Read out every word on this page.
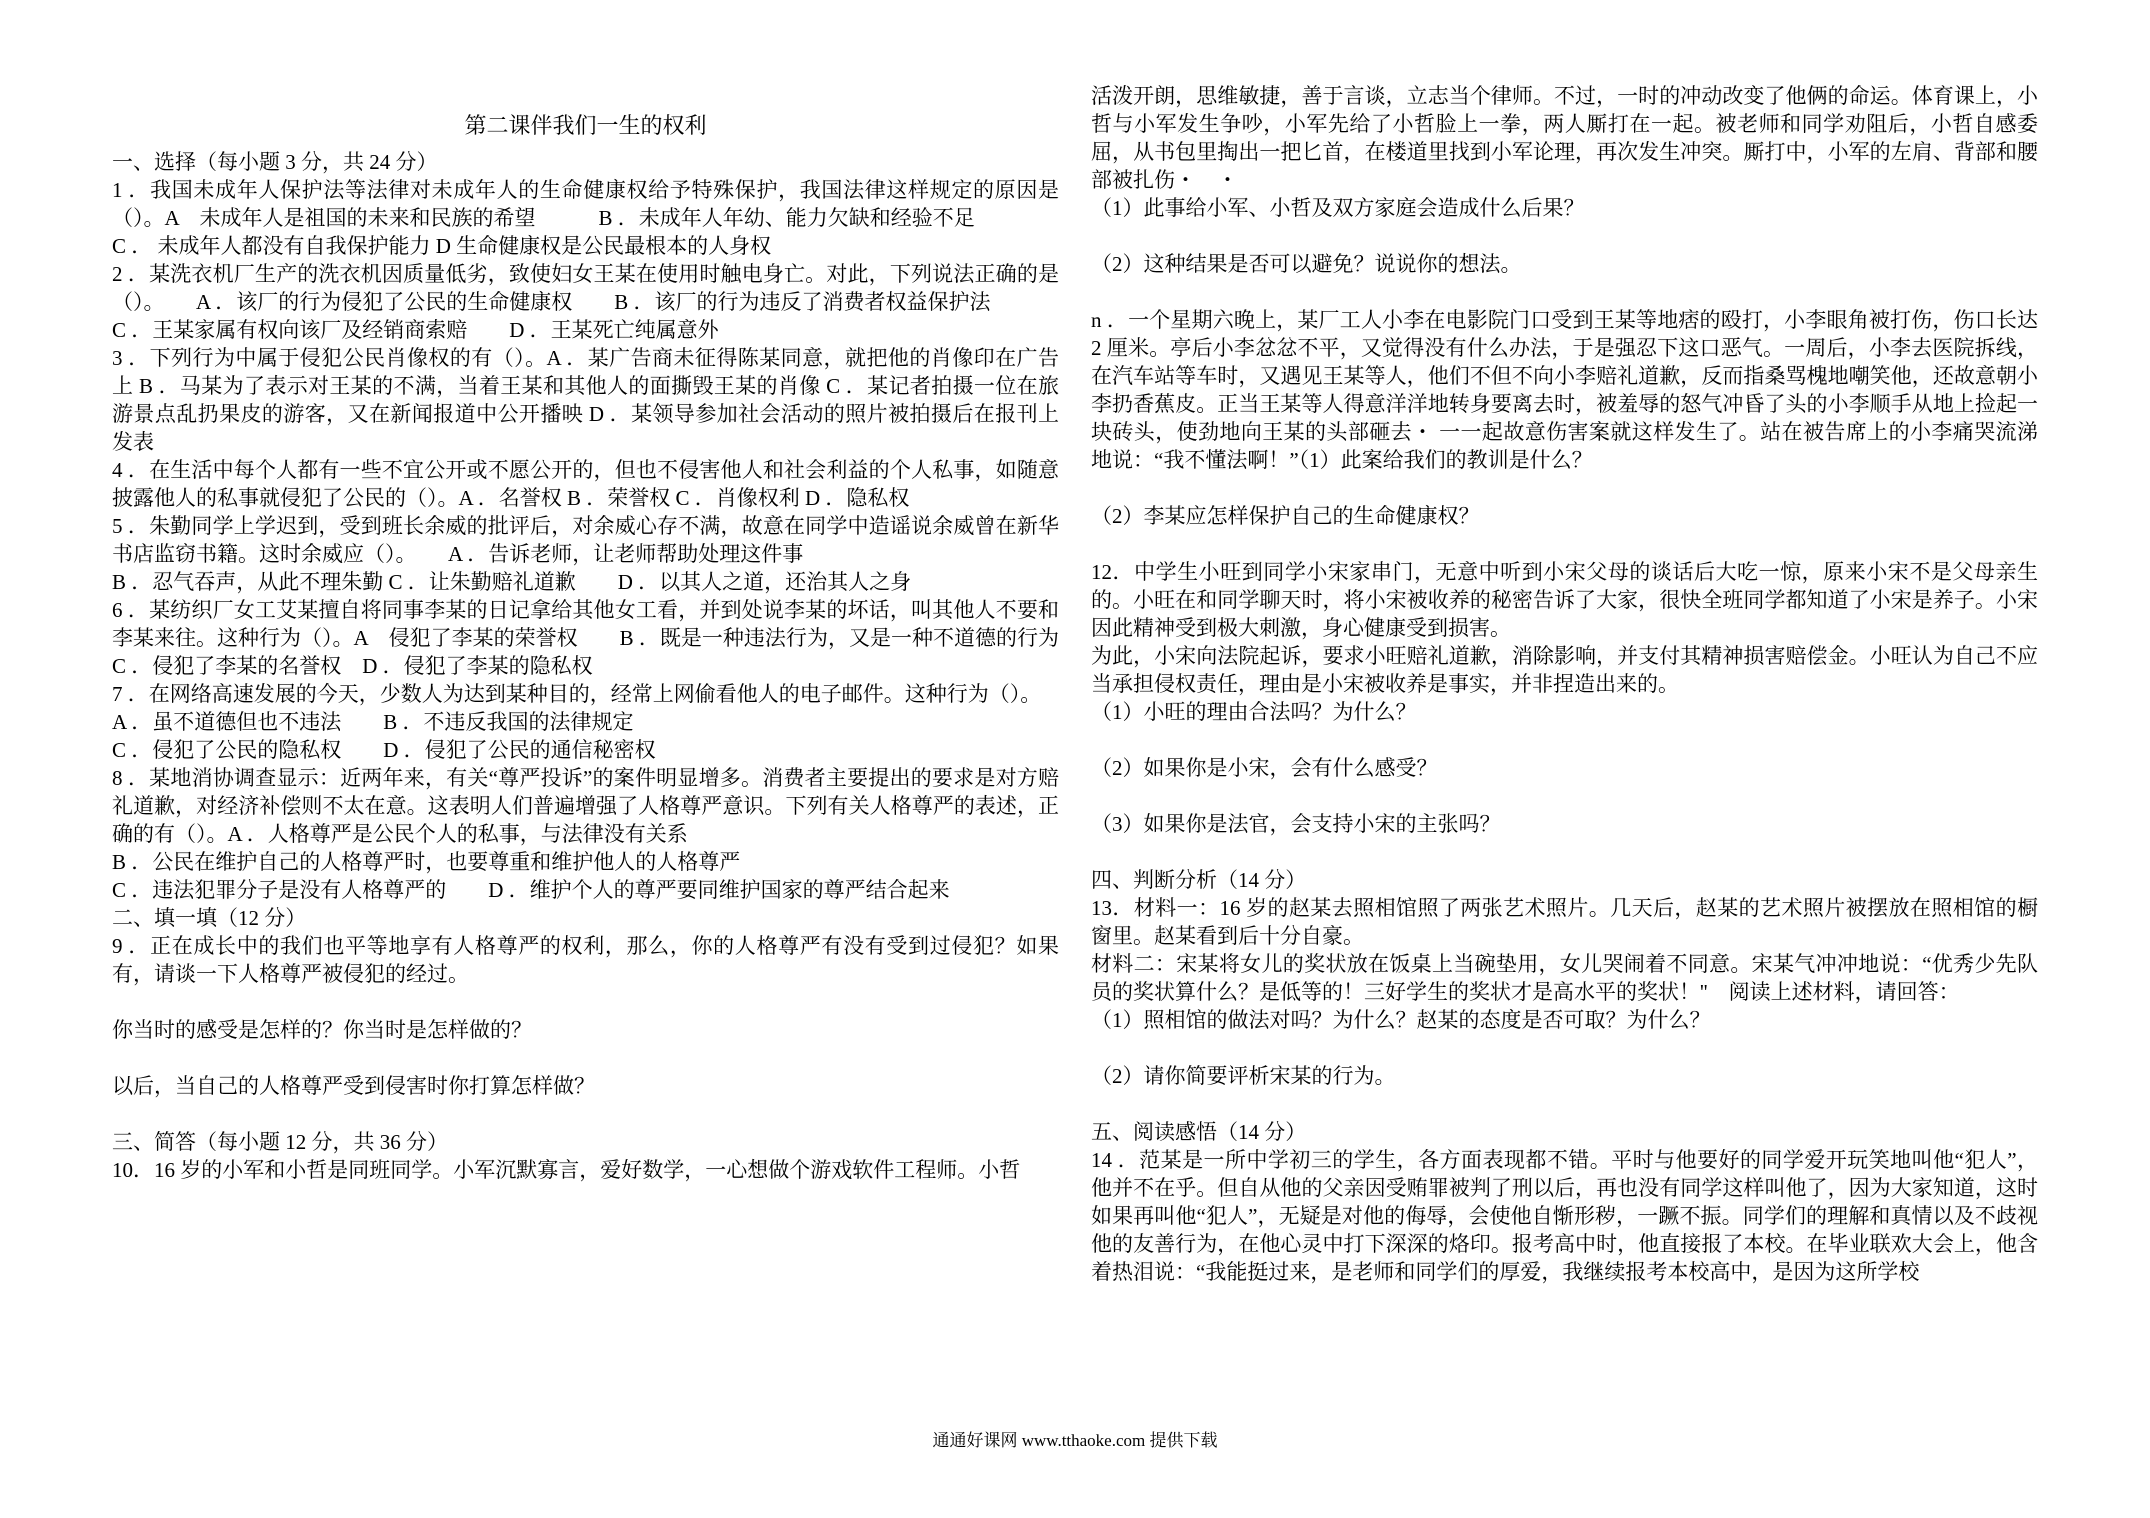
第二课伴我们一生的权利

一、选择（每小题 3 分，共 24 分）

1 ．我国未成年人保护法等法律对未成年人的生命健康权给予特殊保护，我国法律这样规定的原因是（）。A　未成年人是祖国的未来和民族的希望　　　B ．未成年人年幼、能力欠缺和经验不足

C ． 未成年人都没有自我保护能力 D 生命健康权是公民最根本的人身权

2 ．某洗衣机厂生产的洗衣机因质量低劣，致使妇女王某在使用时触电身亡。对此，下列说法正确的是（）。　　A ．该厂的行为侵犯了公民的生命健康权　　B ．该厂的行为违反了消费者权益保护法

C ．王某家属有权向该厂及经销商索赔　　D ．王某死亡纯属意外

3 ．下列行为中属于侵犯公民肖像权的有（）。A ．某广告商未征得陈某同意，就把他的肖像印在广告上 B ．马某为了表示对王某的不满，当着王某和其他人的面撕毁王某的肖像 C ．某记者拍摄一位在旅游景点乱扔果皮的游客，又在新闻报道中公开播映 D ．某领导参加社会活动的照片被拍摄后在报刊上发表

4 ．在生活中每个人都有一些不宜公开或不愿公开的，但也不侵害他人和社会利益的个人私事，如随意披露他人的私事就侵犯了公民的（）。A ．名誉权 B ．荣誉权 C ．肖像权利 D ．隐私权

5 ．朱勤同学上学迟到，受到班长余威的批评后，对余威心存不满，故意在同学中造谣说余威曾在新华书店监窃书籍。这时余威应（）。　　A ．告诉老师，让老师帮助处理这件事

B ．忍气吞声，从此不理朱勤 C ．让朱勤赔礼道歉　　D ．以其人之道，还治其人之身

6 ．某纺织厂女工艾某擅自将同事李某的日记拿给其他女工看，并到处说李某的坏话，叫其他人不要和李某来往。这种行为（）。A　侵犯了李某的荣誉权　　B ．既是一种违法行为，又是一种不道德的行为　C ．侵犯了李某的名誉权　D ．侵犯了李某的隐私权

7 ．在网络高速发展的今天，少数人为达到某种目的，经常上网偷看他人的电子邮件。这种行为（）。

A ．虽不道德但也不违法　　B ．不违反我国的法律规定

C ．侵犯了公民的隐私权　　D ．侵犯了公民的通信秘密权

8 ．某地消协调查显示：近两年来，有关“尊严投诉”的案件明显增多。消费者主要提出的要求是对方赔礼道歉，对经济补偿则不太在意。这表明人们普遍增强了人格尊严意识。下列有关人格尊严的表述，正确的有（）。A ．人格尊严是公民个人的私事，与法律没有关系

B ．公民在维护自己的人格尊严时，也要尊重和维护他人的人格尊严

C ．违法犯罪分子是没有人格尊严的　　D ．维护个人的尊严要同维护国家的尊严结合起来

二、填一填（12 分）

9 ．正在成长中的我们也平等地享有人格尊严的权利，那么，你的人格尊严有没有受到过侵犯？如果有，请谈一下人格尊严被侵犯的经过。

你当时的感受是怎样的？你当时是怎样做的？

以后，当自己的人格尊严受到侵害时你打算怎样做？

三、简答（每小题 12 分，共 36 分）

10．16 岁的小军和小哲是同班同学。小军沉默寡言，爱好数学，一心想做个游戏软件工程师。小哲

活泼开朗，思维敏捷，善于言谈，立志当个律师。不过，一时的冲动改变了他俩的命运。体育课上，小哲与小军发生争吵，小军先给了小哲脸上一拳，两人厮打在一起。被老师和同学劝阻后，小哲自感委屈，从书包里掏出一把匕首，在楼道里找到小军论理，再次发生冲突。厮打中，小军的左肩、背部和腰部被扎伤・　・

（1）此事给小军、小哲及双方家庭会造成什么后果？

（2）这种结果是否可以避免？说说你的想法。

n ．一个星期六晚上，某厂工人小李在电影院门口受到王某等地痞的殴打，小李眼角被打伤，伤口长达 2 厘米。亭后小李忿忿不平，又觉得没有什么办法，于是强忍下这口恶气。一周后，小李去医院拆线，在汽车站等车时，又遇见王某等人，他们不但不向小李赔礼道歉，反而指桑骂槐地嘲笑他，还故意朝小李扔香蕉皮。正当王某等人得意洋洋地转身要离去时，被羞辱的怒气冲昏了头的小李顺手从地上捡起一块砖头，使劲地向王某的头部砸去・ 一一起故意伤害案就这样发生了。站在被告席上的小李痛哭流涕地说：“我不懂法啊！”（1）此案给我们的教训是什么？

（2）李某应怎样保护自己的生命健康权？

12．中学生小旺到同学小宋家串门，无意中听到小宋父母的谈话后大吃一惊，原来小宋不是父母亲生的。小旺在和同学聊天时，将小宋被收养的秘密告诉了大家，很快全班同学都知道了小宋是养子。小宋因此精神受到极大刺激，身心健康受到损害。

为此，小宋向法院起诉，要求小旺赔礼道歉，消除影响，并支付其精神损害赔偿金。小旺认为自己不应当承担侵权责任，理由是小宋被收养是事实，并非捏造出来的。

（1）小旺的理由合法吗？为什么？

（2）如果你是小宋，会有什么感受？

（3）如果你是法官，会支持小宋的主张吗？

四、判断分析（14 分）

13．材料一：16 岁的赵某去照相馆照了两张艺术照片。几天后，赵某的艺术照片被摆放在照相馆的橱窗里。赵某看到后十分自豪。

材料二：宋某将女儿的奖状放在饭桌上当碗垫用，女儿哭闹着不同意。宋某气冲冲地说：“优秀少先队员的奖状算什么？是低等的！三好学生的奖状才是高水平的奖状！''　阅读上述材料，请回答：

（1）照相馆的做法对吗？为什么？赵某的态度是否可取？为什么？

（2）请你简要评析宋某的行为。

五、阅读感悟（14 分）

14 ．范某是一所中学初三的学生，各方面表现都不错。平时与他要好的同学爱开玩笑地叫他“犯人”，他并不在乎。但自从他的父亲因受贿罪被判了刑以后，再也没有同学这样叫他了，因为大家知道，这时如果再叫他“犯人”，无疑是对他的侮辱，会使他自惭形秽，一蹶不振。同学们的理解和真情以及不歧视他的友善行为，在他心灵中打下深深的烙印。报考高中时，他直接报了本校。在毕业联欢大会上，他含着热泪说：“我能挺过来，是老师和同学们的厚爱，我继续报考本校高中，是因为这所学校

通通好课网 www.tthaoke.com 提供下载
